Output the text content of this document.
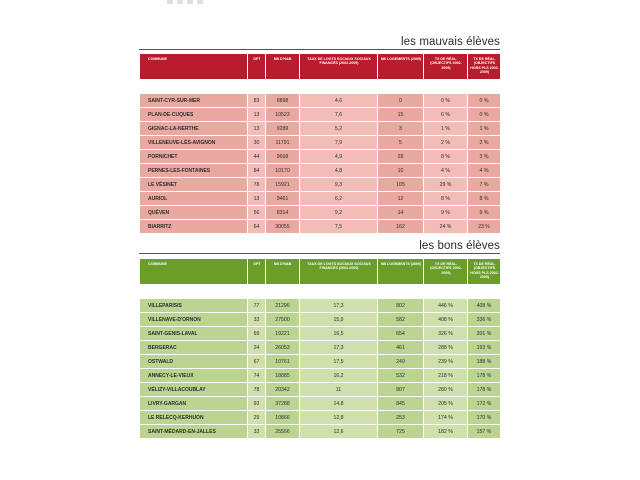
les mauvais élèves
COMMUNE	DPT	NB D'HAB.	TAUX DE LOGTS SOCIAUX SOCIAUX FINANCÉS (2002-2009)	NB LOGEMENTS (2009)	TX DE RÉAL. (OBJECTIFS 2002-2009)	TX DE RÉAL. (OBJECTIFS HORS PLS 2002-2009)

SAINT-CYR-SUR-MER	83	8898	4,6	0	0 %	0 %
PLAN-DE-CUQUES	13	10523	7,6	15	6 %	0 %
GIGNAC-LA-NERTHE	13	9289	5,2	3	1 %	1 %
VILLENEUVE-LÈS-AVIGNON	30	11791	7,9	5	2 %	2 %
PORNICHET	44	9668	4,9	28	8 %	3 %
PERNES-LES-FONTAINES	84	10170	4,8	10	4 %	4 %
LE VÉSINET	78	15921	9,3	105	29 %	7 %
AURIOL	13	9461	6,2	12	8 %	8 %
QUÉVEN	56	8314	9,2	14	9 %	9 %
BIARRITZ	64	30055	7,5	162	24 %	23 %
les bons élèves
COMMUNE	DPT	NB D'HAB.	TAUX DE LOGTS SOCIAUX SOCIAUX FINANCÉS (2002-2009)	NB LOGEMENTS (2009)	TX DE RÉAL. (OBJECTIFS 2002-2009)	TX DE RÉAL. (OBJECTIFS HORS PLS 2002-2009)

VILLEPARISIS	77	21296	17,3	802	446 %	408 %
VILLENAVE-D'ORNON	33	27500	15,9	582	408 %	336 %
SAINT-GENIS-LAVAL	69	19221	16,5	654	326 %	201 %
BERGERAC	24	26053	17,3	461	288 %	193 %
OSTWALD	67	10761	17,5	249	239 %	188 %
ANNECY-LE-VIEUX	74	18885	16,2	532	218 %	178 %
VÉLIZY-VILLACOUBLAY	78	20342	11	907	280 %	178 %
LIVRY-GARGAN	93	37288	14,8	845	205 %	172 %
LE RELECQ-KERHUON	29	10866	12,8	253	174 %	170 %
SAINT-MÉDARD-EN-JALLES	33	25566	12,6	725	182 %	157 %
